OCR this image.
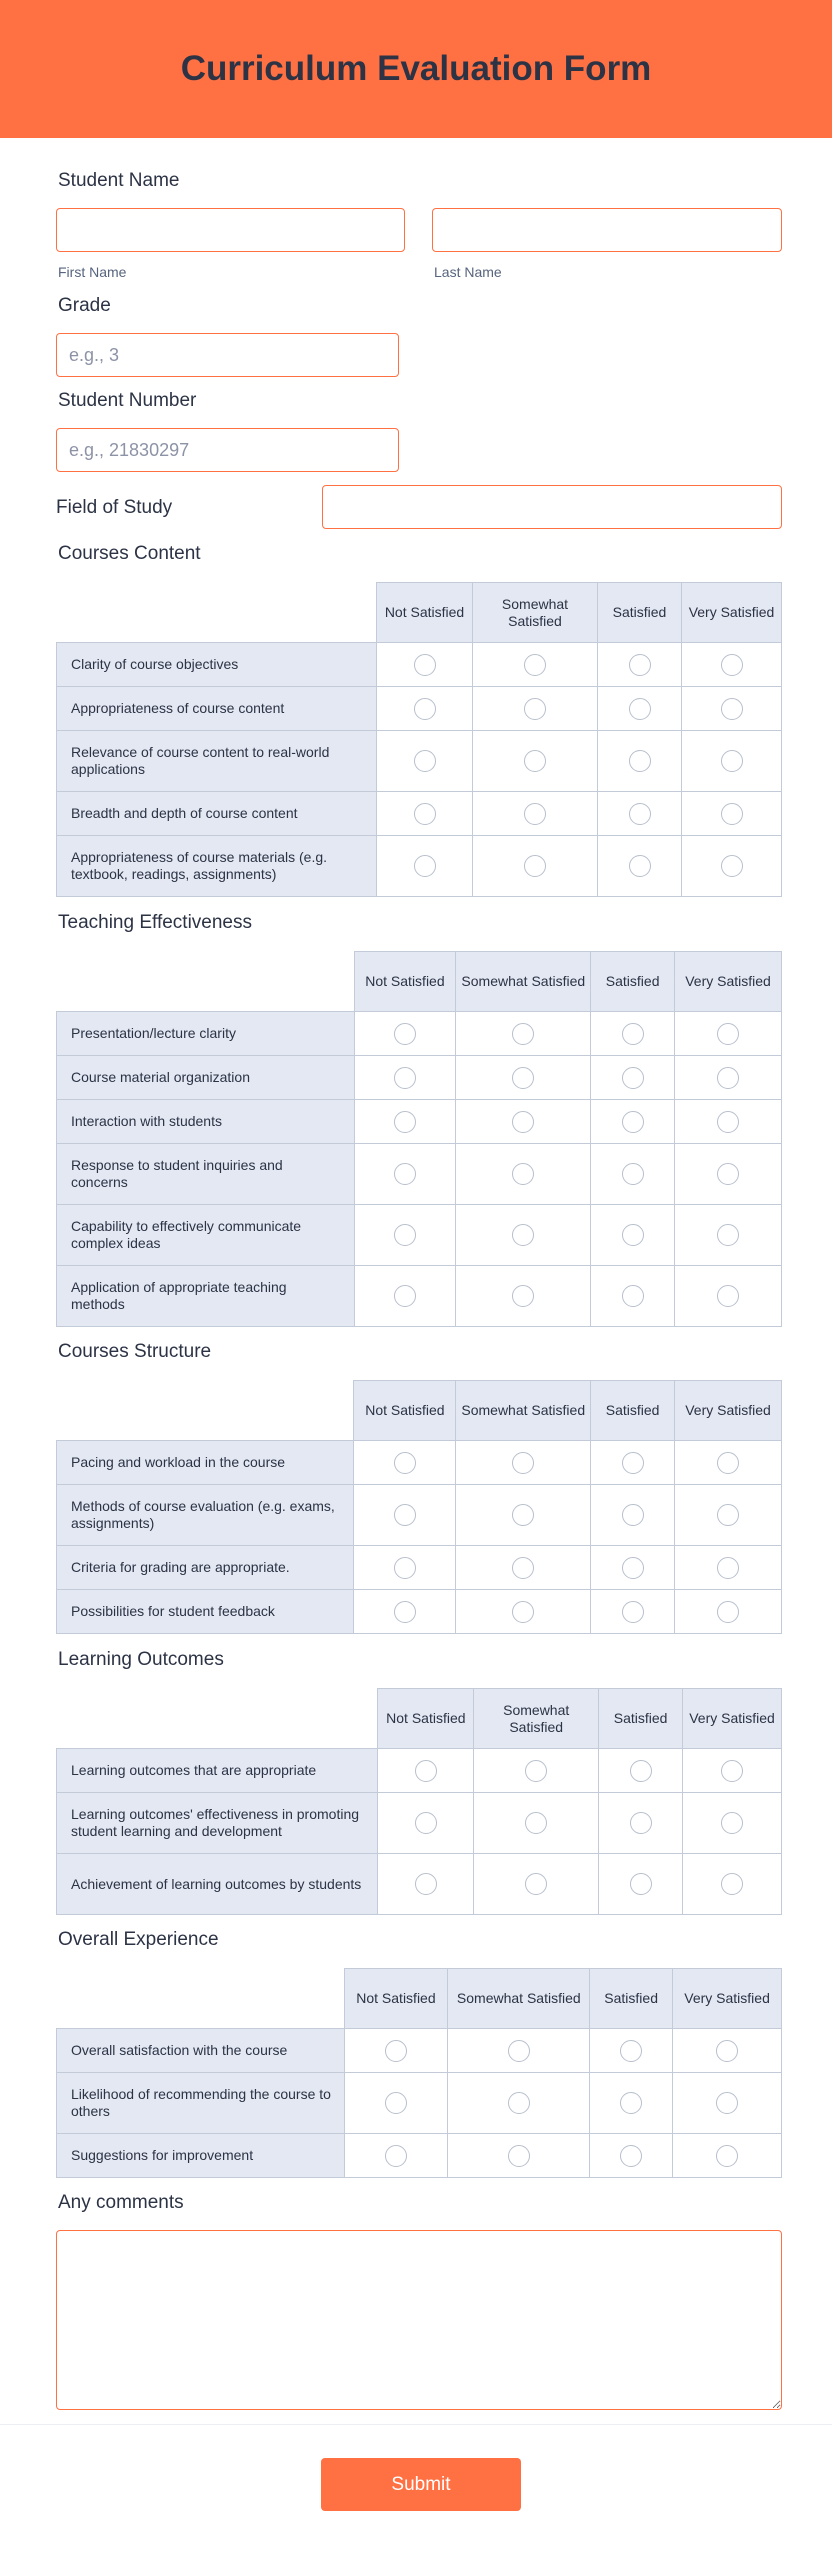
Curriculum Evaluation Form
Student Name
First Name	Last Name
Grade
e.g., 3
Student Number
e.g., 21830297
Field of Study
Courses Content
Teaching Effectiveness
Courses Structure
Learning Outcomes
Overall Experience
	Not Satisfied	Somewhat Satisfied	Satisfied	Very Satisfied
Clarity of course objectives				
Appropriateness of course content				
Relevance of course content to real-world applications				
Breadth and depth of course content				
Appropriateness of course materials (e.g. textbook, readings, assignments)				
	Not Satisfied	Somewhat Satisfied	Satisfied	Very Satisfied
Presentation/lecture clarity				
Course material organization				
Interaction with students				
Response to student inquiries and concerns				
Capability to effectively communicate complex ideas				
Application of appropriate teaching methods				
	Not Satisfied	Somewhat Satisfied	Satisfied	Very Satisfied
Pacing and workload in the course				
Methods of course evaluation (e.g. exams, assignments)				
Criteria for grading are appropriate.				
Possibilities for student feedback				
	Not Satisfied	Somewhat Satisfied	Satisfied	Very Satisfied
Learning outcomes that are appropriate				
Learning outcomes' effectiveness in promoting student learning and development				
Achievement of learning outcomes by students				
	Not Satisfied	Somewhat Satisfied	Satisfied	Very Satisfied
Overall satisfaction with the course				
Likelihood of recommending the course to others				
Suggestions for improvement				
Any comments
Submit
